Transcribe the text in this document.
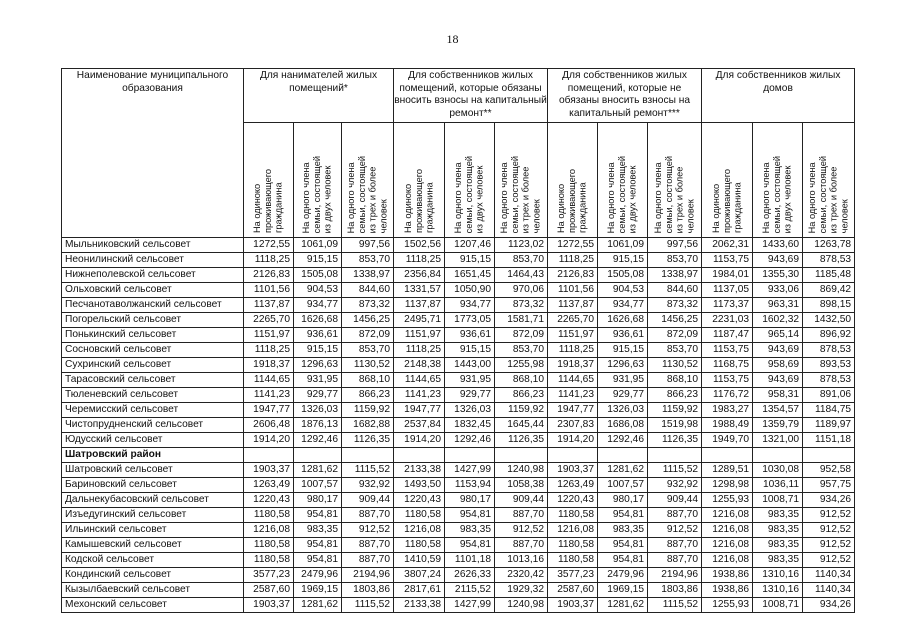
18
Наименование муниципального образования	Для нанимателей жилых помещений*			Для собственников жилых помещений, которые обязаны вносить взносы на капитальный ремонт**			Для собственников жилых помещений, которые не обязаны вносить взносы на капитальный ремонт***			Для собственников жилых домов		

	На одиноко
проживающего
гражданина	На одного члена
семьи, состоящей
из двух человек	На одного члена
семьи, состоящей
из трех и более
человек	На одиноко
проживающего
гражданина	На одного члена
семьи, состоящей
из двух человек	На одного члена
семьи, состоящей
из трех и более
человек	На одиноко
проживающего
гражданина	На одного члена
семьи, состоящей
из двух человек	На одного члена
семьи, состоящей
из трех и более
человек	На одиноко
проживающего
гражданина	На одного члена
семьи, состоящей
из двух человек	На одного члена
семьи, состоящей
из трех и более
человек

Мыльниковский сельсовет	1272,55	1061,09	997,56	1502,56	1207,46	1123,02	1272,55	1061,09	997,56	2062,31	1433,60	1263,78
Неонилинский сельсовет	1118,25	915,15	853,70	1118,25	915,15	853,70	1118,25	915,15	853,70	1153,75	943,69	878,53
Нижнеполевской сельсовет	2126,83	1505,08	1338,97	2356,84	1651,45	1464,43	2126,83	1505,08	1338,97	1984,01	1355,30	1185,48
Ольховский сельсовет	1101,56	904,53	844,60	1331,57	1050,90	970,06	1101,56	904,53	844,60	1137,05	933,06	869,42
Песчанотаволжанский сельсовет	1137,87	934,77	873,32	1137,87	934,77	873,32	1137,87	934,77	873,32	1173,37	963,31	898,15
Погорельский сельсовет	2265,70	1626,68	1456,25	2495,71	1773,05	1581,71	2265,70	1626,68	1456,25	2231,03	1602,32	1432,50
Понькинский сельсовет	1151,97	936,61	872,09	1151,97	936,61	872,09	1151,97	936,61	872,09	1187,47	965,14	896,92
Сосновский сельсовет	1118,25	915,15	853,70	1118,25	915,15	853,70	1118,25	915,15	853,70	1153,75	943,69	878,53
Сухринский сельсовет	1918,37	1296,63	1130,52	2148,38	1443,00	1255,98	1918,37	1296,63	1130,52	1168,75	958,69	893,53
Тарасовский сельсовет	1144,65	931,95	868,10	1144,65	931,95	868,10	1144,65	931,95	868,10	1153,75	943,69	878,53
Тюленевский сельсовет	1141,23	929,77	866,23	1141,23	929,77	866,23	1141,23	929,77	866,23	1176,72	958,31	891,06
Черемисский сельсовет	1947,77	1326,03	1159,92	1947,77	1326,03	1159,92	1947,77	1326,03	1159,92	1983,27	1354,57	1184,75
Чистопрудненский сельсовет	2606,48	1876,13	1682,88	2537,84	1832,45	1645,44	2307,83	1686,08	1519,98	1988,49	1359,79	1189,97
Юдусский сельсовет	1914,20	1292,46	1126,35	1914,20	1292,46	1126,35	1914,20	1292,46	1126,35	1949,70	1321,00	1151,18
Шатровский район												
Шатровский сельсовет	1903,37	1281,62	1115,52	2133,38	1427,99	1240,98	1903,37	1281,62	1115,52	1289,51	1030,08	952,58
Бариновский сельсовет	1263,49	1007,57	932,92	1493,50	1153,94	1058,38	1263,49	1007,57	932,92	1298,98	1036,11	957,75
Дальнекубасовский сельсовет	1220,43	980,17	909,44	1220,43	980,17	909,44	1220,43	980,17	909,44	1255,93	1008,71	934,26
Изъедугинский сельсовет	1180,58	954,81	887,70	1180,58	954,81	887,70	1180,58	954,81	887,70	1216,08	983,35	912,52
Ильинский сельсовет	1216,08	983,35	912,52	1216,08	983,35	912,52	1216,08	983,35	912,52	1216,08	983,35	912,52
Камышевский сельсовет	1180,58	954,81	887,70	1180,58	954,81	887,70	1180,58	954,81	887,70	1216,08	983,35	912,52
Кодской сельсовет	1180,58	954,81	887,70	1410,59	1101,18	1013,16	1180,58	954,81	887,70	1216,08	983,35	912,52
Кондинский сельсовет	3577,23	2479,96	2194,96	3807,24	2626,33	2320,42	3577,23	2479,96	2194,96	1938,86	1310,16	1140,34
Кызылбаевский сельсовет	2587,60	1969,15	1803,86	2817,61	2115,52	1929,32	2587,60	1969,15	1803,86	1938,86	1310,16	1140,34
Мехонский сельсовет	1903,37	1281,62	1115,52	2133,38	1427,99	1240,98	1903,37	1281,62	1115,52	1255,93	1008,71	934,26
